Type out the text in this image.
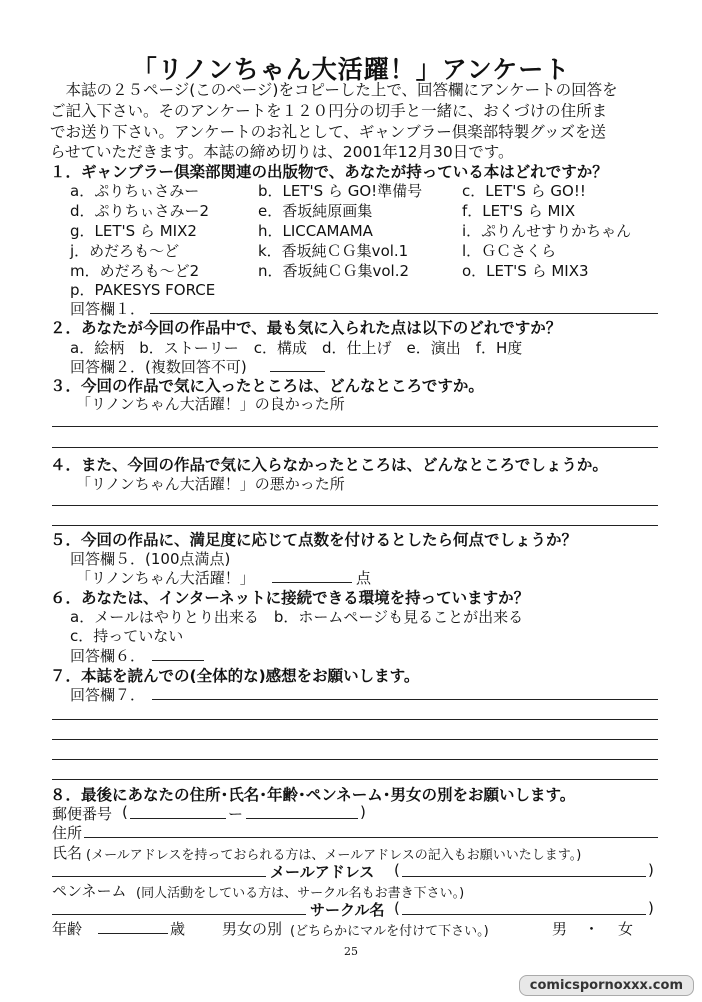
「リノンちゃん大活躍！」アンケート
　本誌の２５ページ(このページ)をコピーした上で、回答欄にアンケートの回答を
ご記入下さい。そのアンケートを１２０円分の切手と一緒に、おくづけの住所ま
でお送り下さい。アンケートのお礼として、ギャンブラー倶楽部特製グッズを送
らせていただきます。本誌の締め切りは、2001年12月30日です。
１．ギャンブラー倶楽部関連の出版物で、あなたが持っている本はどれですか？
a．ぷりちぃさみー	b．LET'S ら GO!準備号	c．LET'S ら GO!!
d．ぷりちぃさみー2	e．香坂純原画集	f．LET'S ら MIX
g．LET'S ら MIX2	h．LICCAMAMA	i．ぷりんせすりかちゃん
j．めだろも～ど	k．香坂純ＣＧ集vol.1	l．ＧＣさくら
m．めだろも～ど2	n．香坂純ＣＧ集vol.2	o．LET'S ら MIX3
p．PAKESYS FORCE
回答欄１．
２．あなたが今回の作品中で、最も気に入られた点は以下のどれですか？
a．絵柄　b．ストーリー　c．構成　d．仕上げ　e．演出　f．H度
回答欄２．(複数回答不可)
３．今回の作品で気に入ったところは、どんなところですか。
「リノンちゃん大活躍！」の良かった所
４．また、今回の作品で気に入らなかったところは、どんなところでしょうか。
「リノンちゃん大活躍！」の悪かった所
５．今回の作品に、満足度に応じて点数を付けるとしたら何点でしょうか？
回答欄５．(100点満点)
「リノンちゃん大活躍！」	点
６．あなたは、インターネットに接続できる環境を持っていますか？
a．メールはやりとり出来る　b．ホームページも見ることが出来る
c．持っていない
回答欄６．
７．本誌を読んでの(全体的な)感想をお願いします。
回答欄７．
８．最後にあなたの住所･氏名･年齢･ペンネーム･男女の別をお願いします。
郵便番号 (	ー	)
住所
氏名 (メールアドレスを持っておられる方は、メールアドレスの記入もお願いいたします。)
メールアドレス (	)
ペンネーム (同人活動をしている方は、サークル名もお書き下さい。)
サークル名 (	)
年齢	歳 男女の別 (どちらかにマルを付けて下さい。)	男 ・ 女
25
comicspornoxxx.com
